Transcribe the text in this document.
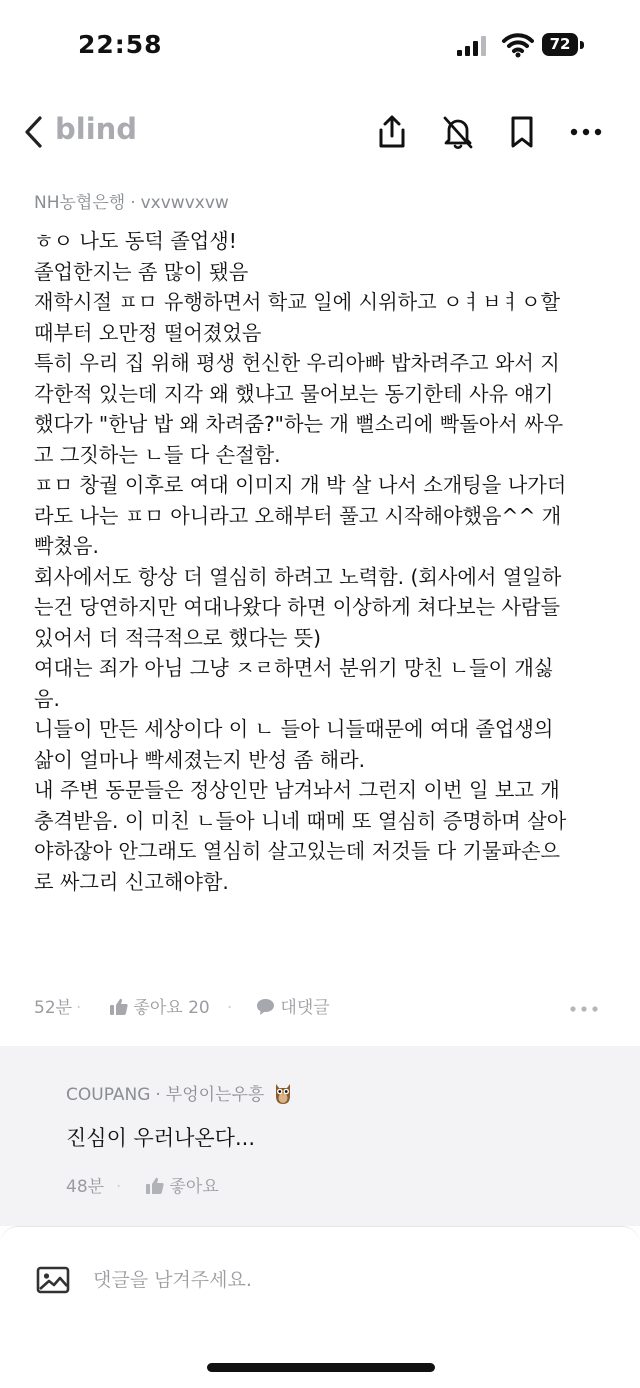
22:58	72
blind
NH농협은행 · vxvwvxvw
ㅎㅇ 나도 동덕 졸업생!
졸업한지는 좀 많이 됐음
재학시절 ㅍㅁ 유행하면서 학교 일에 시위하고 ㅇㅕㅂㅕㅇ할
때부터 오만정 떨어졌었음
특히 우리 집 위해 평생 헌신한 우리아빠 밥차려주고 와서 지
각한적 있는데 지각 왜 했냐고 물어보는 동기한테 사유 얘기
했다가 "한남 밥 왜 차려줌?"하는 개 뻘소리에 빡돌아서 싸우
고 그짓하는 ㄴ들 다 손절함.
ㅍㅁ 창궐 이후로 여대 이미지 개 박 살 나서 소개팅을 나가더
라도 나는 ㅍㅁ 아니라고 오해부터 풀고 시작해야했음^^ 개
빡쳤음.
회사에서도 항상 더 열심히 하려고 노력함. (회사에서 열일하
는건 당연하지만 여대나왔다 하면 이상하게 쳐다보는 사람들
있어서 더 적극적으로 했다는 뜻)
여대는 죄가 아님 그냥 ㅈㄹ하면서 분위기 망친 ㄴ들이 개싫
음.
니들이 만든 세상이다 이 ㄴ 들아 니들때문에 여대 졸업생의
삶이 얼마나 빡세졌는지 반성 좀 해라.
내 주변 동문들은 정상인만 남겨놔서 그런지 이번 일 보고 개
충격받음. 이 미친 ㄴ들아 니네 때메 또 열심히 증명하며 살아
야하잖아 안그래도 열심히 살고있는데 저것들 다 기물파손으
로 싸그리 신고해야함.
52분 ·	좋아요 20 ·	대댓글
COUPANG · 부엉이는우흥
진심이 우러나온다...
48분 ·	좋아요
댓글을 남겨주세요.
